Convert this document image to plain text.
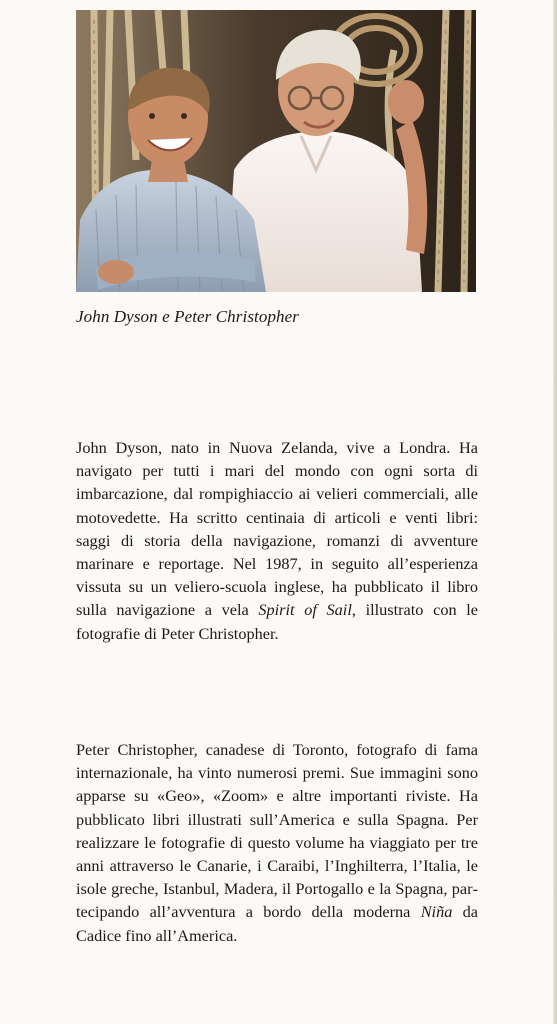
John Dyson e Peter Christopher

John Dyson, nato in Nuova Zelanda, vive a Londra. Ha navigato per tutti i mari del mondo con ogni sorta di imbarcazione, dal rompighiaccio ai velieri commerciali, alle motovedette. Ha scritto centinaia di articoli e venti libri: saggi di storia della navigazione, romanzi di avventure marinare e reportage. Nel 1987, in seguito all’esperienza vissuta su un veliero-scuola inglese, ha pubblicato il libro sulla navigazione a vela Spirit of Sail, illustrato con le fotografie di Peter Christopher.

Peter Christopher, canadese di Toronto, fotografo di fama internazionale, ha vinto numerosi premi. Sue immagini sono apparse su «Geo», «Zoom» e altre importanti riviste. Ha pubblicato libri illustrati sull’America e sulla Spagna. Per realizzare le fotografie di questo volume ha viaggiato per tre anni attraverso le Canarie, i Caraibi, l’Inghilterra, l’Italia, le isole greche, Istanbul, Madera, il Portogallo e la Spagna, partecipando all’avventura a bordo della moderna Niña da Cadice fino all’America.
